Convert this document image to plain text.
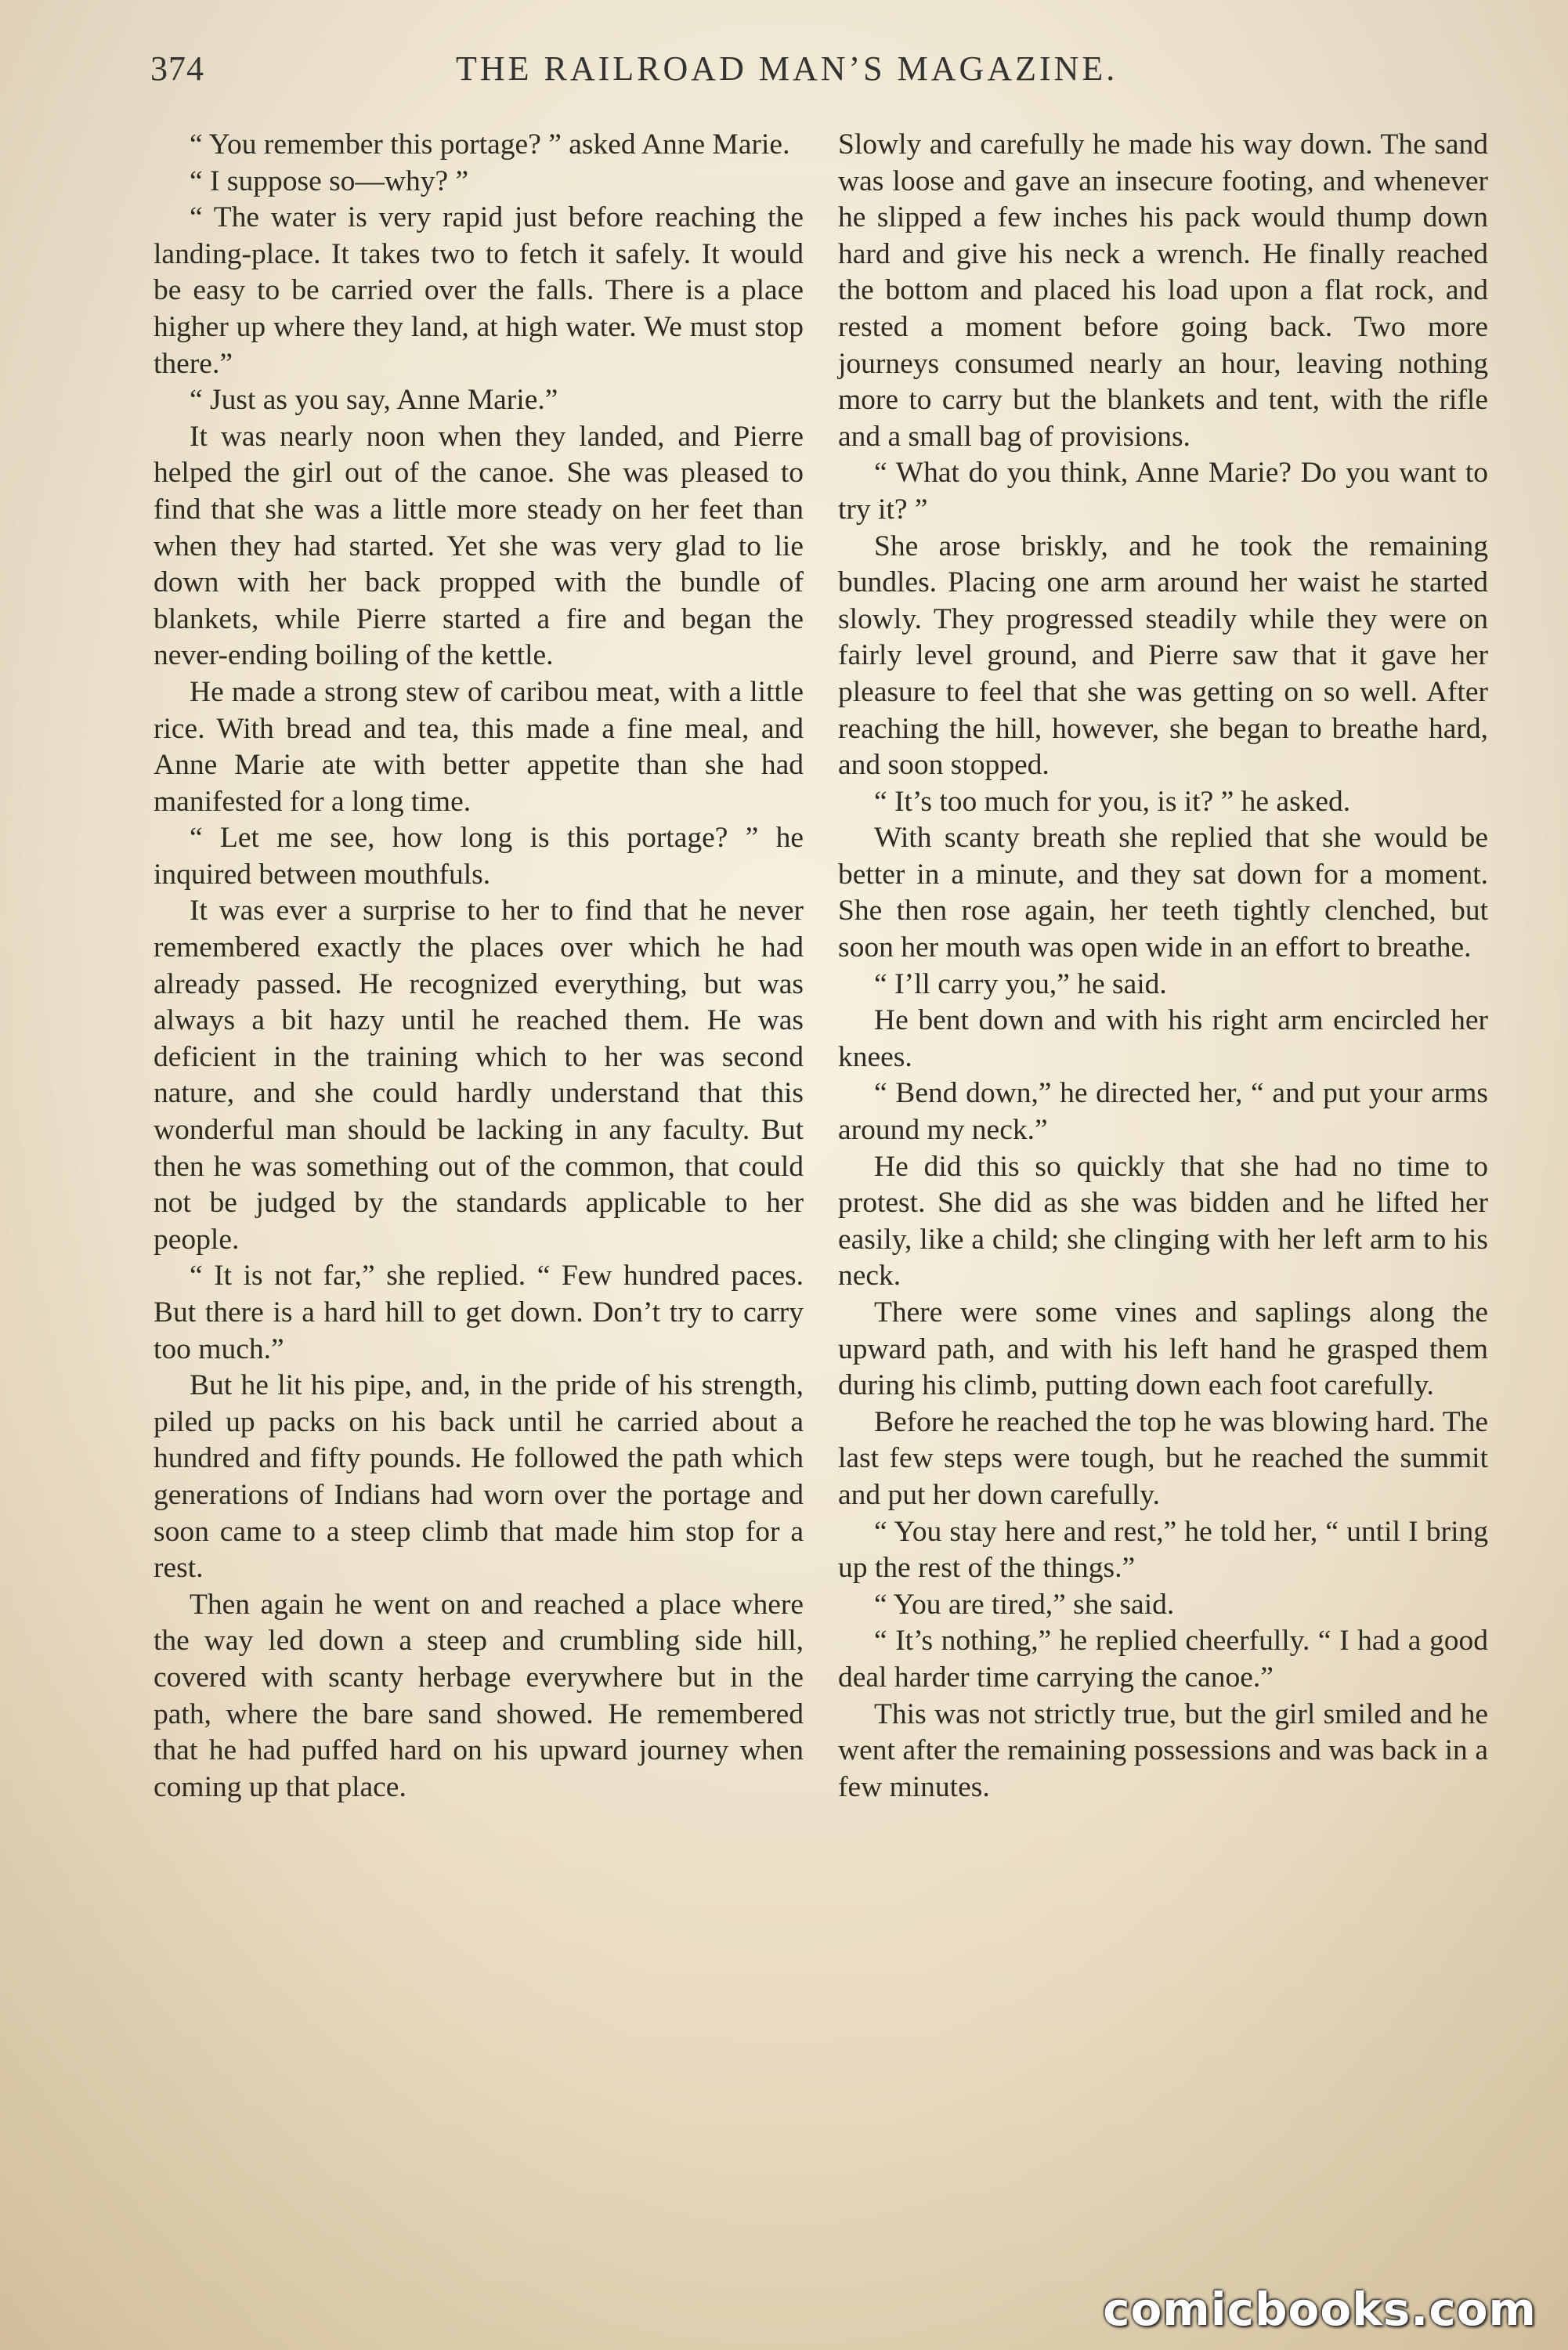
374	THE RAILROAD MAN’S MAGAZINE.

“ You remember this portage? ” asked Anne Marie.

“ I suppose so—why? ”

“ The water is very rapid just before reaching the landing-place. It takes two to fetch it safely. It would be easy to be carried over the falls. There is a place higher up where they land, at high water. We must stop there.”

“ Just as you say, Anne Marie.”

It was nearly noon when they landed, and Pierre helped the girl out of the canoe. She was pleased to find that she was a little more steady on her feet than when they had started. Yet she was very glad to lie down with her back propped with the bundle of blankets, while Pierre started a fire and began the never-ending boiling of the kettle.

He made a strong stew of caribou meat, with a little rice. With bread and tea, this made a fine meal, and Anne Marie ate with better appetite than she had manifested for a long time.

“ Let me see, how long is this portage? ” he inquired between mouthfuls.

It was ever a surprise to her to find that he never remembered exactly the places over which he had already passed. He recognized everything, but was always a bit hazy until he reached them. He was deficient in the training which to her was second nature, and she could hardly understand that this wonderful man should be lacking in any faculty. But then he was something out of the common, that could not be judged by the standards applicable to her people.

“ It is not far,” she replied. “ Few hundred paces. But there is a hard hill to get down. Don’t try to carry too much.”

But he lit his pipe, and, in the pride of his strength, piled up packs on his back until he carried about a hundred and fifty pounds. He followed the path which generations of Indians had worn over the portage and soon came to a steep climb that made him stop for a rest.

Then again he went on and reached a place where the way led down a steep and crumbling side hill, covered with scanty herbage everywhere but in the path, where the bare sand showed. He remembered that he had puffed hard on his upward journey when coming up that place.

Slowly and carefully he made his way down. The sand was loose and gave an insecure footing, and whenever he slipped a few inches his pack would thump down hard and give his neck a wrench. He finally reached the bottom and placed his load upon a flat rock, and rested a moment before going back. Two more journeys consumed nearly an hour, leaving nothing more to carry but the blankets and tent, with the rifle and a small bag of provisions.

“ What do you think, Anne Marie? Do you want to try it? ”

She arose briskly, and he took the remaining bundles. Placing one arm around her waist he started slowly. They progressed steadily while they were on fairly level ground, and Pierre saw that it gave her pleasure to feel that she was getting on so well. After reaching the hill, however, she began to breathe hard, and soon stopped.

“ It’s too much for you, is it? ” he asked.

With scanty breath she replied that she would be better in a minute, and they sat down for a moment. She then rose again, her teeth tightly clenched, but soon her mouth was open wide in an effort to breathe.

“ I’ll carry you,” he said.

He bent down and with his right arm encircled her knees.

“ Bend down,” he directed her, “ and put your arms around my neck.”

He did this so quickly that she had no time to protest. She did as she was bidden and he lifted her easily, like a child; she clinging with her left arm to his neck.

There were some vines and saplings along the upward path, and with his left hand he grasped them during his climb, putting down each foot carefully.

Before he reached the top he was blowing hard. The last few steps were tough, but he reached the summit and put her down carefully.

“ You stay here and rest,” he told her, “ until I bring up the rest of the things.”

“ You are tired,” she said.

“ It’s nothing,” he replied cheerfully. “ I had a good deal harder time carrying the canoe.”

This was not strictly true, but the girl smiled and he went after the remaining possessions and was back in a few minutes.

comicbooks.com
